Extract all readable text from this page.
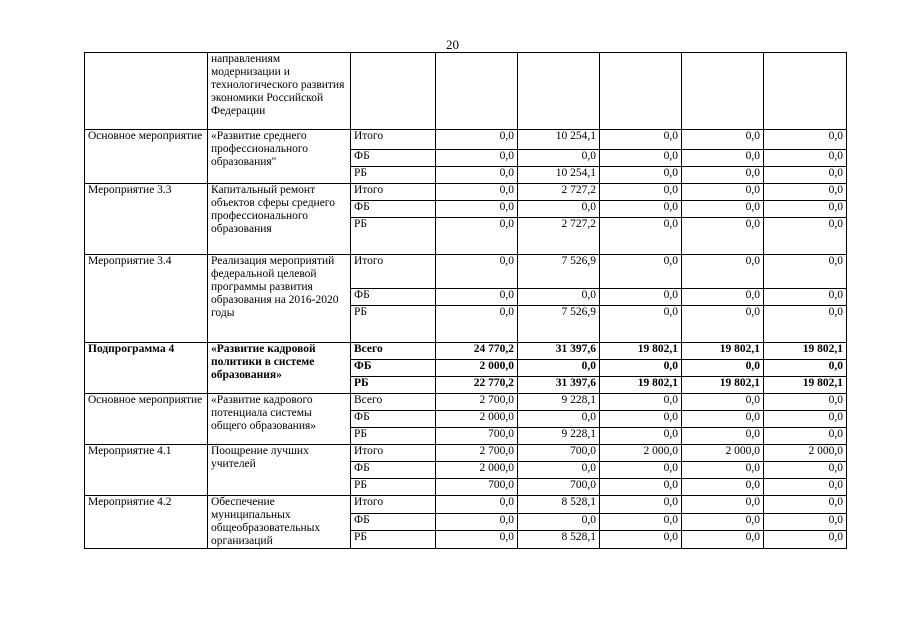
20
	направлениям модернизации и технологического развития экономики Российской Федерации						
Основное мероприятие	«Развитие среднего профессионального образования"	Итого	0,0	10 254,1	0,0	0,0	0,0
		ФБ	0,0	0,0	0,0	0,0	0,0
		РБ	0,0	10 254,1	0,0	0,0	0,0
Мероприятие 3.3	Капитальный ремонт объектов сферы среднего профессионального образования	Итого	0,0	2 727,2	0,0	0,0	0,0
		ФБ	0,0	0,0	0,0	0,0	0,0
		РБ	0,0	2 727,2	0,0	0,0	0,0
Мероприятие 3.4	Реализация мероприятий федеральной целевой программы развития образования на 2016-2020 годы	Итого	0,0	7 526,9	0,0	0,0	0,0
		ФБ	0,0	0,0	0,0	0,0	0,0
		РБ	0,0	7 526,9	0,0	0,0	0,0
Подпрограмма 4	«Развитие кадровой политики в системе образования»	Всего	24 770,2	31 397,6	19 802,1	19 802,1	19 802,1
		ФБ	2 000,0	0,0	0,0	0,0	0,0
		РБ	22 770,2	31 397,6	19 802,1	19 802,1	19 802,1
Основное мероприятие	«Развитие кадрового потенциала системы общего образования»	Всего	2 700,0	9 228,1	0,0	0,0	0,0
		ФБ	2 000,0	0,0	0,0	0,0	0,0
		РБ	700,0	9 228,1	0,0	0,0	0,0
Мероприятие 4.1	Поощрение лучших учителей	Итого	2 700,0	700,0	2 000,0	2 000,0	2 000,0
		ФБ	2 000,0	0,0	0,0	0,0	0,0
		РБ	700,0	700,0	0,0	0,0	0,0
Мероприятие 4.2	Обеспечение муниципальных общеобразовательных организаций	Итого	0,0	8 528,1	0,0	0,0	0,0
		ФБ	0,0	0,0	0,0	0,0	0,0
		РБ	0,0	8 528,1	0,0	0,0	0,0
